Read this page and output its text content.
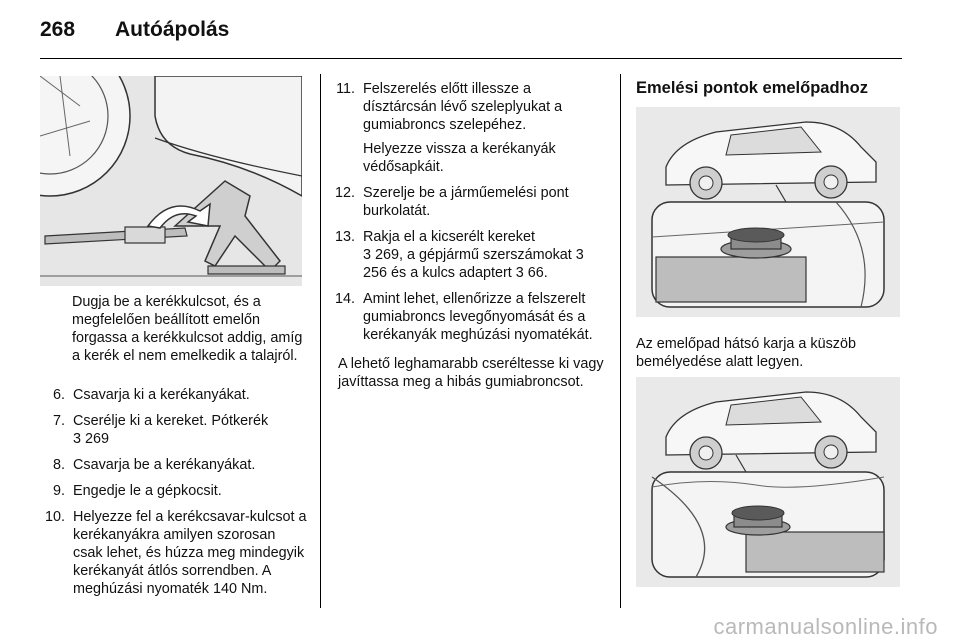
268 Autóápolás
Dugja be a kerékkulcsot, és a megfelelően beállított emelőn forgassa a kerékkulcsot addig, amíg a kerék el nem emelkedik a talajról.
6. Csavarja ki a kerékanyákat.
7. Cserélje ki a kereket. Pótkerék
3 269
8. Csavarja be a kerékanyákat.
9. Engedje le a gépkocsit.
10. Helyezze fel a kerékcsavar-kulcsot a kerékanyákra amilyen szorosan csak lehet, és húzza meg mindegyik kerékanyát átlós sorrendben. A meghúzási nyomaték 140 Nm.
11. Felszerelés előtt illessze a dísztárcsán lévő szeleplyukat a gumiabroncs szelepéhez.
Helyezze vissza a kerékanyák védősapkáit.
12. Szerelje be a járműemelési pont burkolatát.
13. Rakja el a kicserélt kereket
3 269, a gépjármű szerszámokat 3 256 és a kulcs adaptert 3 66.
14. Amint lehet, ellenőrizze a felszerelt gumiabroncs levegőnyomását és a kerékanyák meghúzási nyomatékát.
A lehető leghamarabb cseréltesse ki vagy javíttassa meg a hibás gumiabroncsot.
Emelési pontok emelőpadhoz
Az emelőpad hátsó karja a küszöb bemélyedése alatt legyen.
carmanualsonline.info
